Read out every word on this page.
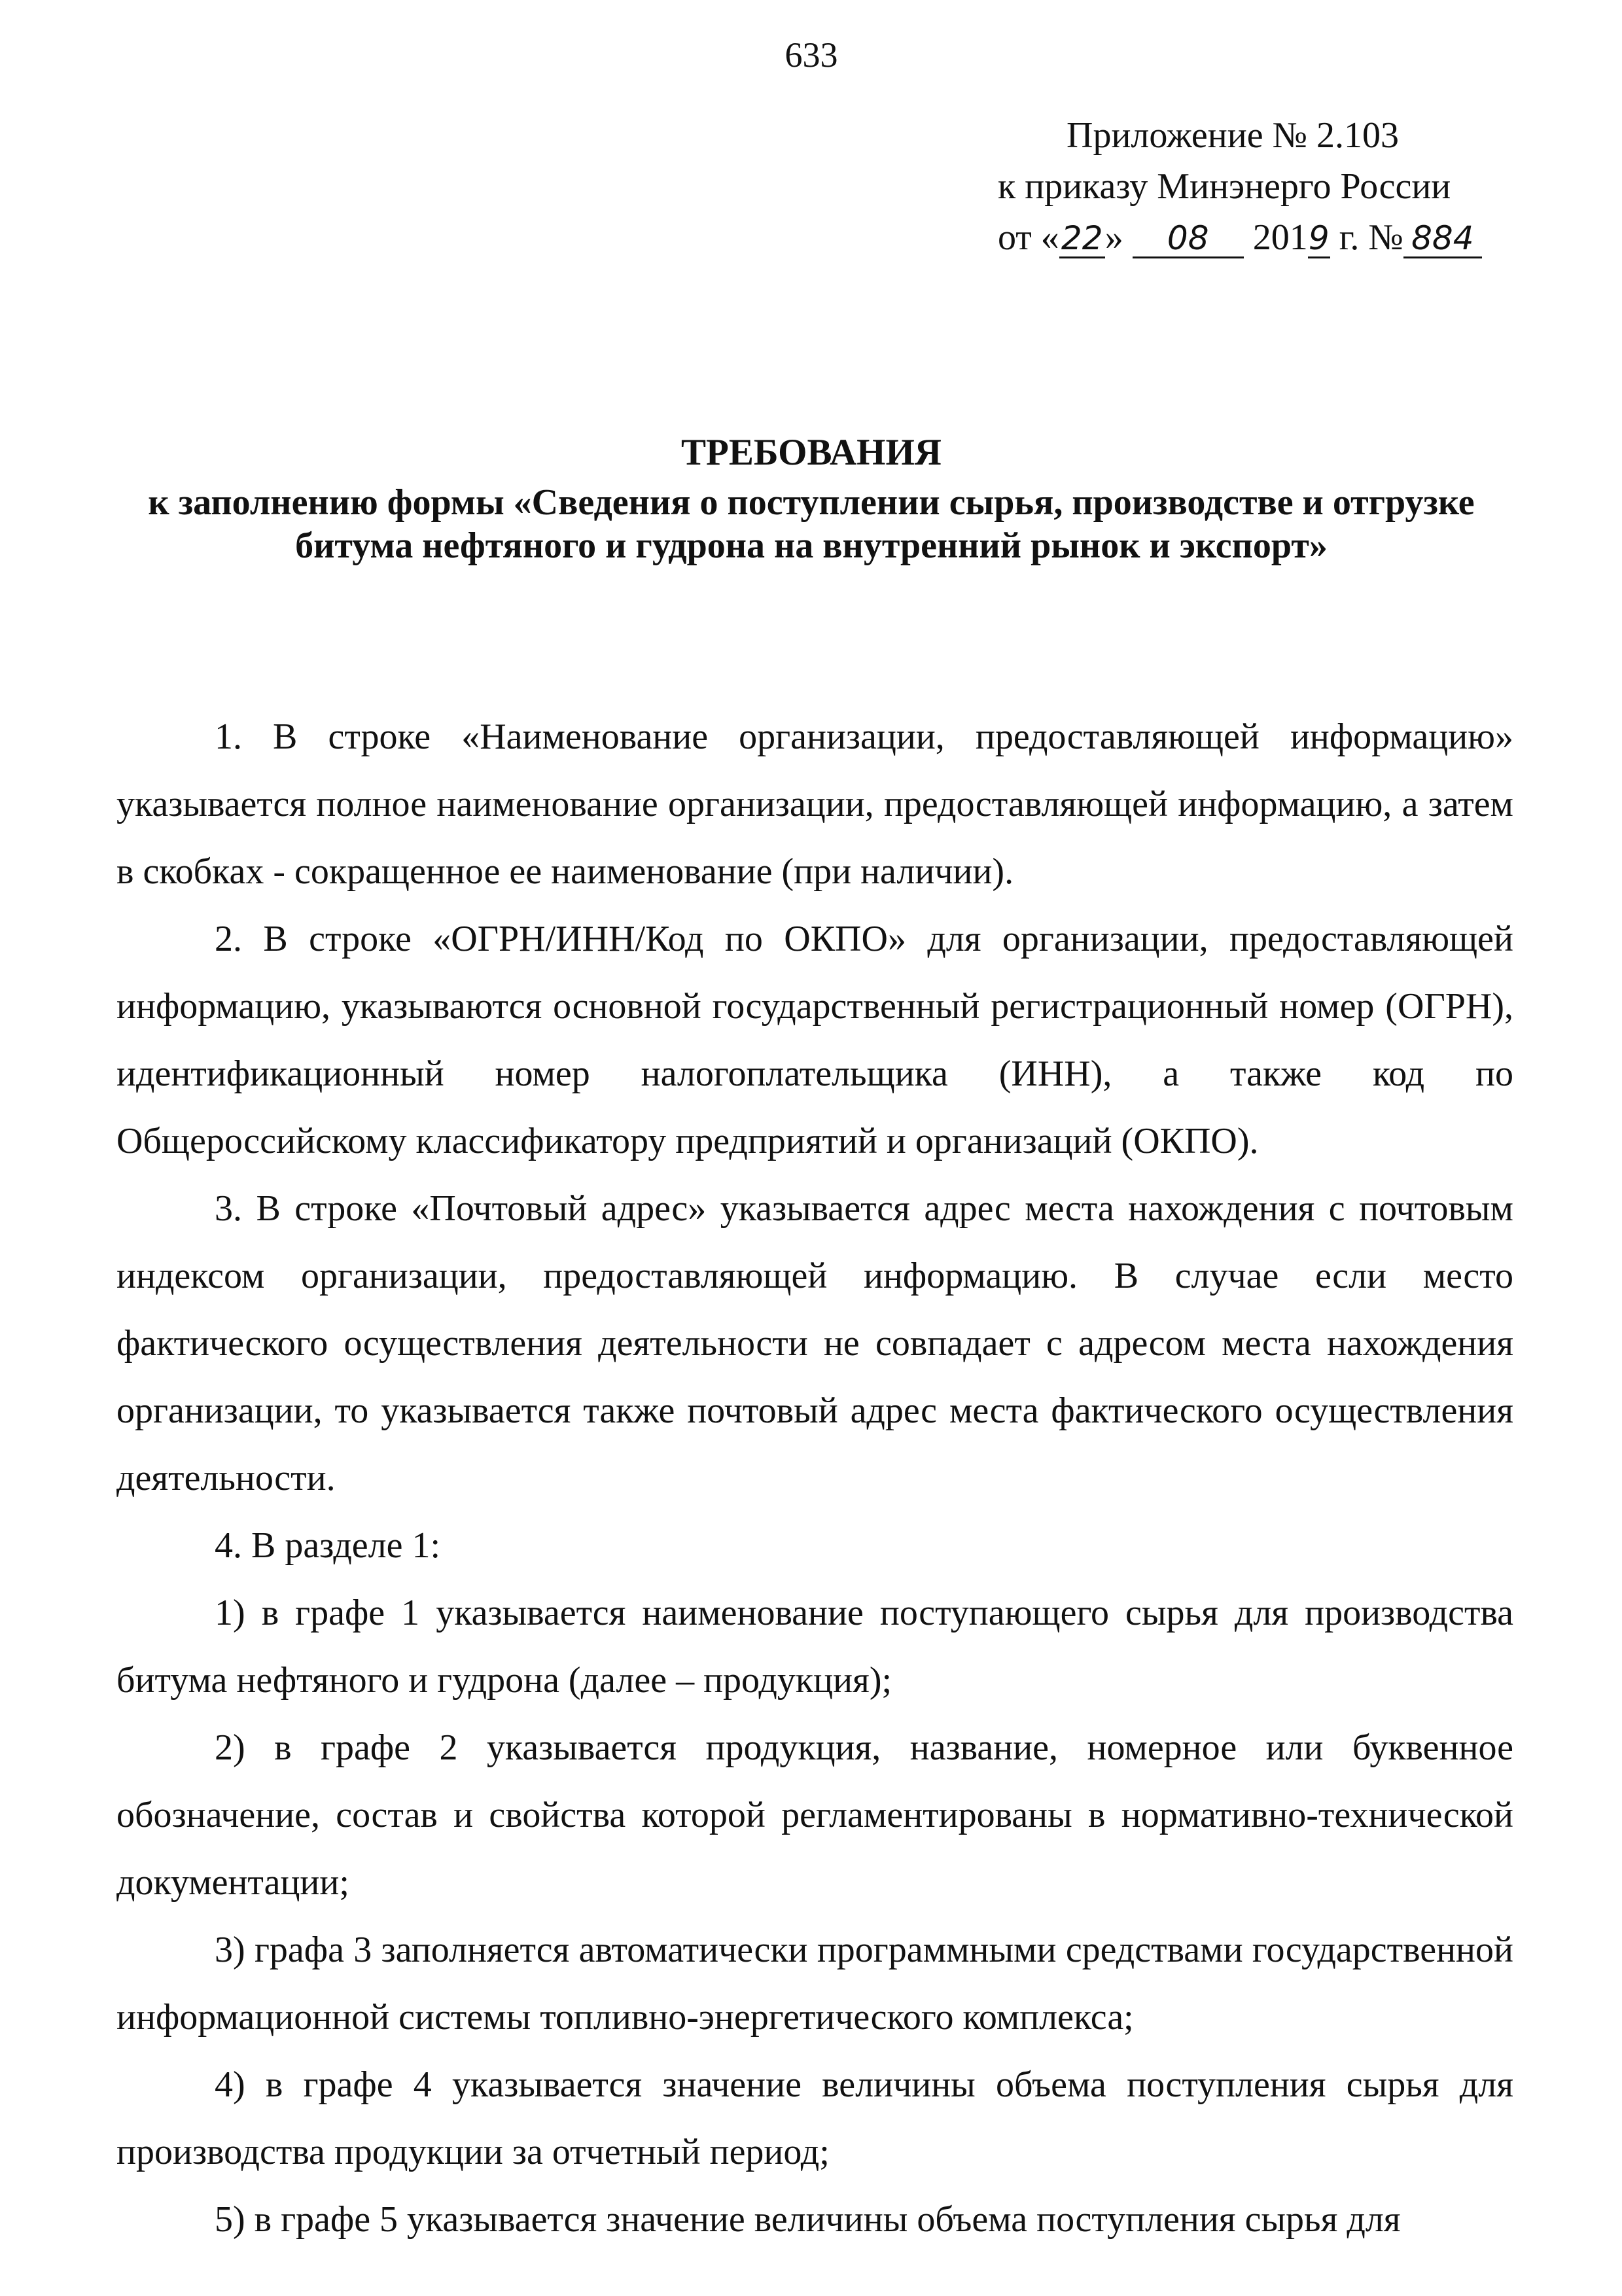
633
Приложение № 2.103
к приказу Минэнерго России
от «22» 08 2019 г. № 884
ТРЕБОВАНИЯ
к заполнению формы «Сведения о поступлении сырья, производстве и отгрузке
битума нефтяного и гудрона на внутренний рынок и экспорт»

1. В строке «Наименование организации, предоставляющей информацию» указывается полное наименование организации, предоставляющей информацию, а затем в скобках - сокращенное ее наименование (при наличии).

2. В строке «ОГРН/ИНН/Код по ОКПО» для организации, предоставляющей информацию, указываются основной государственный регистрационный номер (ОГРН), идентификационный номер налогоплательщика (ИНН), а также код по Общероссийскому классификатору предприятий и организаций (ОКПО).

3. В строке «Почтовый адрес» указывается адрес места нахождения с почтовым индексом организации, предоставляющей информацию. В случае если место фактического осуществления деятельности не совпадает с адресом места нахождения организации, то указывается также почтовый адрес места фактического осуществления деятельности.

4. В разделе 1:

1) в графе 1 указывается наименование поступающего сырья для производства битума нефтяного и гудрона (далее – продукция);

2) в графе 2 указывается продукция, название, номерное или буквенное обозначение, состав и свойства которой регламентированы в нормативно-технической документации;

3) графа 3 заполняется автоматически программными средствами государственной информационной системы топливно-энергетического комплекса;

4) в графе 4 указывается значение величины объема поступления сырья для производства продукции за отчетный период;

5) в графе 5 указывается значение величины объема поступления сырья для
